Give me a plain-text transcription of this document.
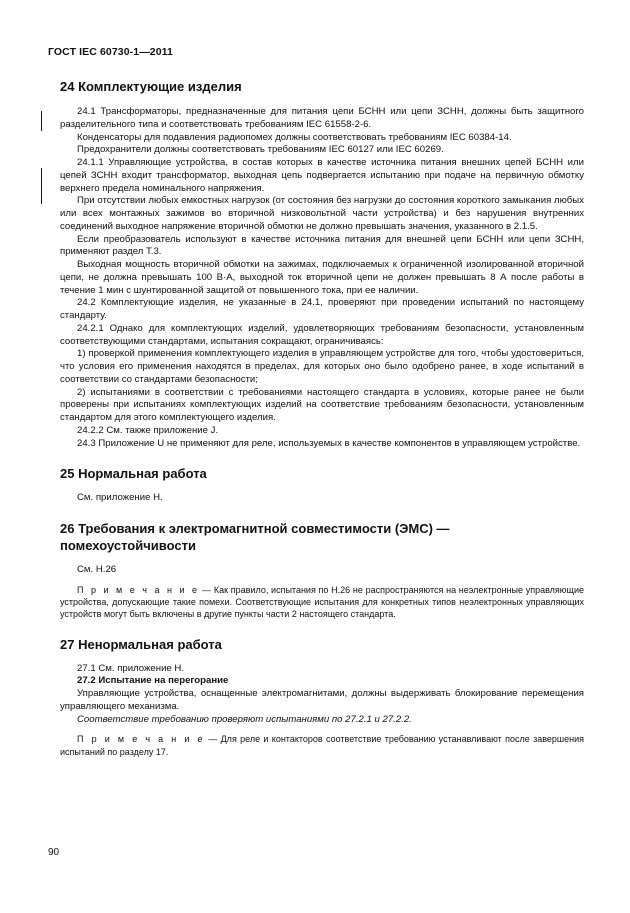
ГОСТ IEC 60730-1—2011
24 Комплектующие изделия

24.1 Трансформаторы, предназначенные для питания цепи БСНН или цепи ЗСНН, должны быть защитного разделительного типа и соответствовать требованиям IEC 61558-2-6.

Конденсаторы для подавления радиопомех должны соответствовать требованиям IEC 60384-14.

Предохранители должны соответствовать требованиям IEC 60127 или IEC 60269.

24.1.1 Управляющие устройства, в состав которых в качестве источника питания внешних цепей БСНН или цепей ЗСНН входит трансформатор, выходная цепь подвергается испытанию при подаче на первичную обмотку верхнего предела номинального напряжения.

При отсутствии любых емкостных нагрузок (от состояния без нагрузки до состояния короткого замыкания любых или всех монтажных зажимов во вторичной низковольтной части устройства) и без нарушения внутренних соединений выходное напряжение вторичной обмотки не должно превышать значения, указанного в 2.1.5.

Если преобразователь используют в качестве источника питания для внешней цепи БСНН или цепи ЗСНН, применяют раздел Т.3.

Выходная мощность вторичной обмотки на зажимах, подключаемых к ограниченной изолированной вторичной цепи, не должна превышать 100 В·А, выходной ток вторичной цепи не должен превышать 8 А после работы в течение 1 мин с шунтированной защитой от повышенного тока, при ее наличии.

24.2 Комплектующие изделия, не указанные в 24.1, проверяют при проведении испытаний по настоящему стандарту.

24.2.1 Однако для комплектующих изделий, удовлетворяющих требованиям безопасности, установленным соответствующими стандартами, испытания сокращают, ограничиваясь:

1) проверкой применения комплектующего изделия в управляющем устройстве для того, чтобы удостовериться, что условия его применения находятся в пределах, для которых оно было одобрено ранее, в ходе испытаний в соответствии со стандартами безопасности;

2) испытаниями в соответствии с требованиями настоящего стандарта в условиях, которые ранее не были проверены при испытаниях комплектующих изделий на соответствие требованиям безопасности, установленным стандартом для этого комплектующего изделия.

24.2.2 См. также приложение J.

24.3 Приложение U не применяют для реле, используемых в качестве компонентов в управляющем устройстве.

25 Нормальная работа

См. приложение Н.

26 Требования к электромагнитной совместимости (ЭМС) —
помехоустойчивости

См. Н.26

П р и м е ч а н и е — Как правило, испытания по Н.26 не распространяются на неэлектронные управляющие устройства, допускающие такие помехи. Соответствующие испытания для конкретных типов неэлектронных управляющих устройств могут быть включены в другие пункты части 2 настоящего стандарта.

27 Ненормальная работа

27.1 См. приложение Н.

27.2 Испытание на перегорание

Управляющие устройства, оснащенные электромагнитами, должны выдерживать блокирование перемещения управляющего механизма.

Соответствие требованию проверяют испытаниями по 27.2.1 и 27.2.2.

П р и м е ч а н и е — Для реле и контакторов соответствие требованию устанавливают после завершения испытаний по разделу 17.

90
